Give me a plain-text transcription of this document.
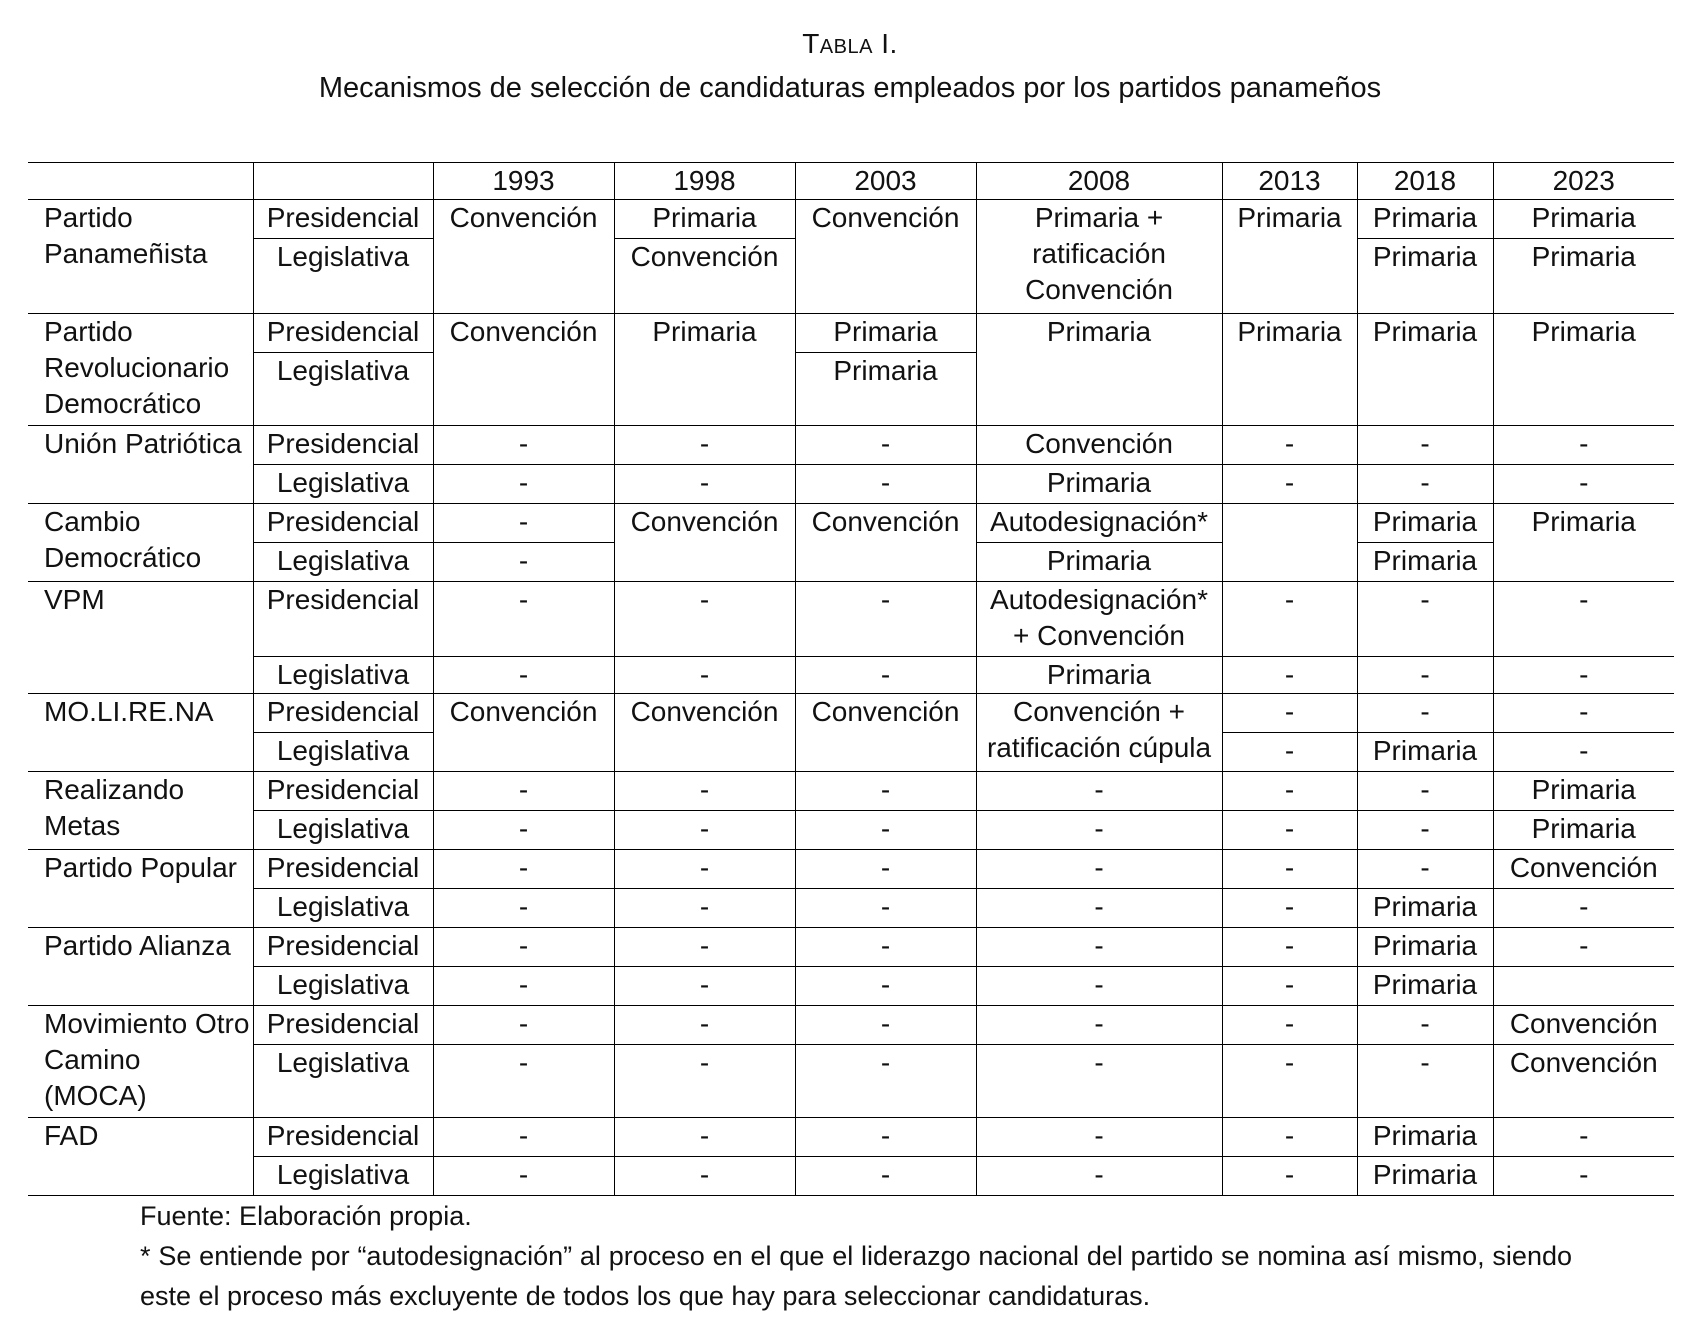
Tabla I.
Mecanismos de selección de candidaturas empleados por los partidos panameños
		1993	1998	2003	2008	2013	2018	2023
Partido Panameñista	Presidencial	Convención	Primaria	Convención	Primaria + ratificación Convención	Primaria	Primaria	Primaria
	Legislativa		Convención				Primaria	Primaria
Partido Revolucionario Democrático	Presidencial	Convención	Primaria	Primaria	Primaria	Primaria	Primaria	Primaria
	Legislativa			Primaria				
Unión Patriótica	Presidencial	-	-	-	Convención	-	-	-
	Legislativa	-	-	-	Primaria	-	-	-
Cambio Democrático	Presidencial	-	Convención	Convención	Autodesignación*		Primaria	Primaria
	Legislativa	-			Primaria		Primaria	
VPM	Presidencial	-	-	-	Autodesignación* + Convención	-	-	-
	Legislativa	-	-	-	Primaria	-	-	-
MO.LI.RE.NA	Presidencial	Convención	Convención	Convención	Convención + ratificación cúpula	-	-	-
	Legislativa					-	Primaria	-
Realizando Metas	Presidencial	-	-	-	-	-	-	Primaria
	Legislativa	-	-	-	-	-	-	Primaria
Partido Popular	Presidencial	-	-	-	-	-	-	Convención
	Legislativa	-	-	-	-	-	Primaria	-
Partido Alianza	Presidencial	-	-	-	-	-	Primaria	-
	Legislativa	-	-	-	-	-	Primaria	
Movimiento Otro Camino (MOCA)	Presidencial	-	-	-	-	-	-	Convención
	Legislativa	-	-	-	-	-	-	Convención
FAD	Presidencial	-	-	-	-	-	Primaria	-
	Legislativa	-	-	-	-	-	Primaria	-

Fuente: Elaboración propia.

* Se entiende por “autodesignación” al proceso en el que el liderazgo nacional del partido se nomina así mismo, siendo este el proceso más excluyente de todos los que hay para seleccionar candidaturas.
